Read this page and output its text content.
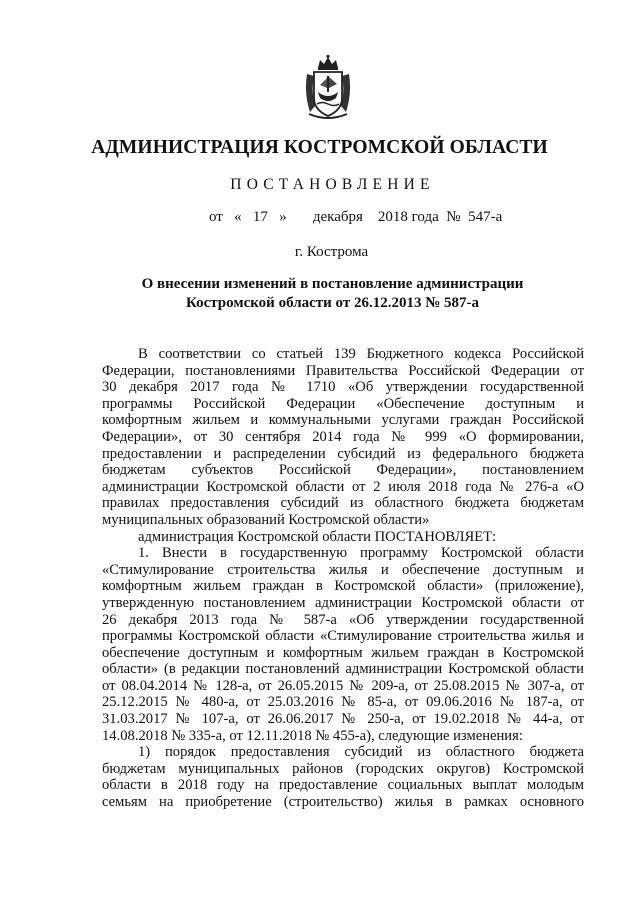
АДМИНИСТРАЦИЯ КОСТРОМСКОЙ ОБЛАСТИ
ПОСТАНОВЛЕНИЕ
от « 17 » декабря 2018 года № 547-а
г. Кострома
О внесении изменений в постановление администрации
Костромской области от 26.12.2013 № 587-а
В соответствии со статьей 139 Бюджетного кодекса Российской
Федерации, постановлениями Правительства Российской Федерации от
30 декабря 2017 года № 1710 «Об утверждении государственной
программы Российской Федерации «Обеспечение доступным и
комфортным жильем и коммунальными услугами граждан Российской
Федерации», от 30 сентября 2014 года № 999 «О формировании,
предоставлении и распределении субсидий из федерального бюджета
бюджетам субъектов Российской Федерации», постановлением
администрации Костромской области от 2 июля 2018 года № 276-а «О
правилах предоставления субсидий из областного бюджета бюджетам
муниципальных образований Костромской области»
администрация Костромской области ПОСТАНОВЛЯЕТ:
1. Внести в государственную программу Костромской области
«Стимулирование строительства жилья и обеспечение доступным и
комфортным жильем граждан в Костромской области» (приложение),
утвержденную постановлением администрации Костромской области от
26 декабря 2013 года № 587-а «Об утверждении государственной
программы Костромской области «Стимулирование строительства жилья и
обеспечение доступным и комфортным жильем граждан в Костромской
области» (в редакции постановлений администрации Костромской области
от 08.04.2014 № 128-а, от 26.05.2015 № 209-а, от 25.08.2015 № 307-а, от
25.12.2015 № 480-а, от 25.03.2016 № 85-а, от 09.06.2016 № 187-а, от
31.03.2017 № 107-а, от 26.06.2017 № 250-а, от 19.02.2018 № 44-а, от
14.08.2018 № 335-а, от 12.11.2018 № 455-а), следующие изменения:
1) порядок предоставления субсидий из областного бюджета
бюджетам муниципальных районов (городских округов) Костромской
области в 2018 году на предоставление социальных выплат молодым
семьям на приобретение (строительство) жилья в рамках основного
